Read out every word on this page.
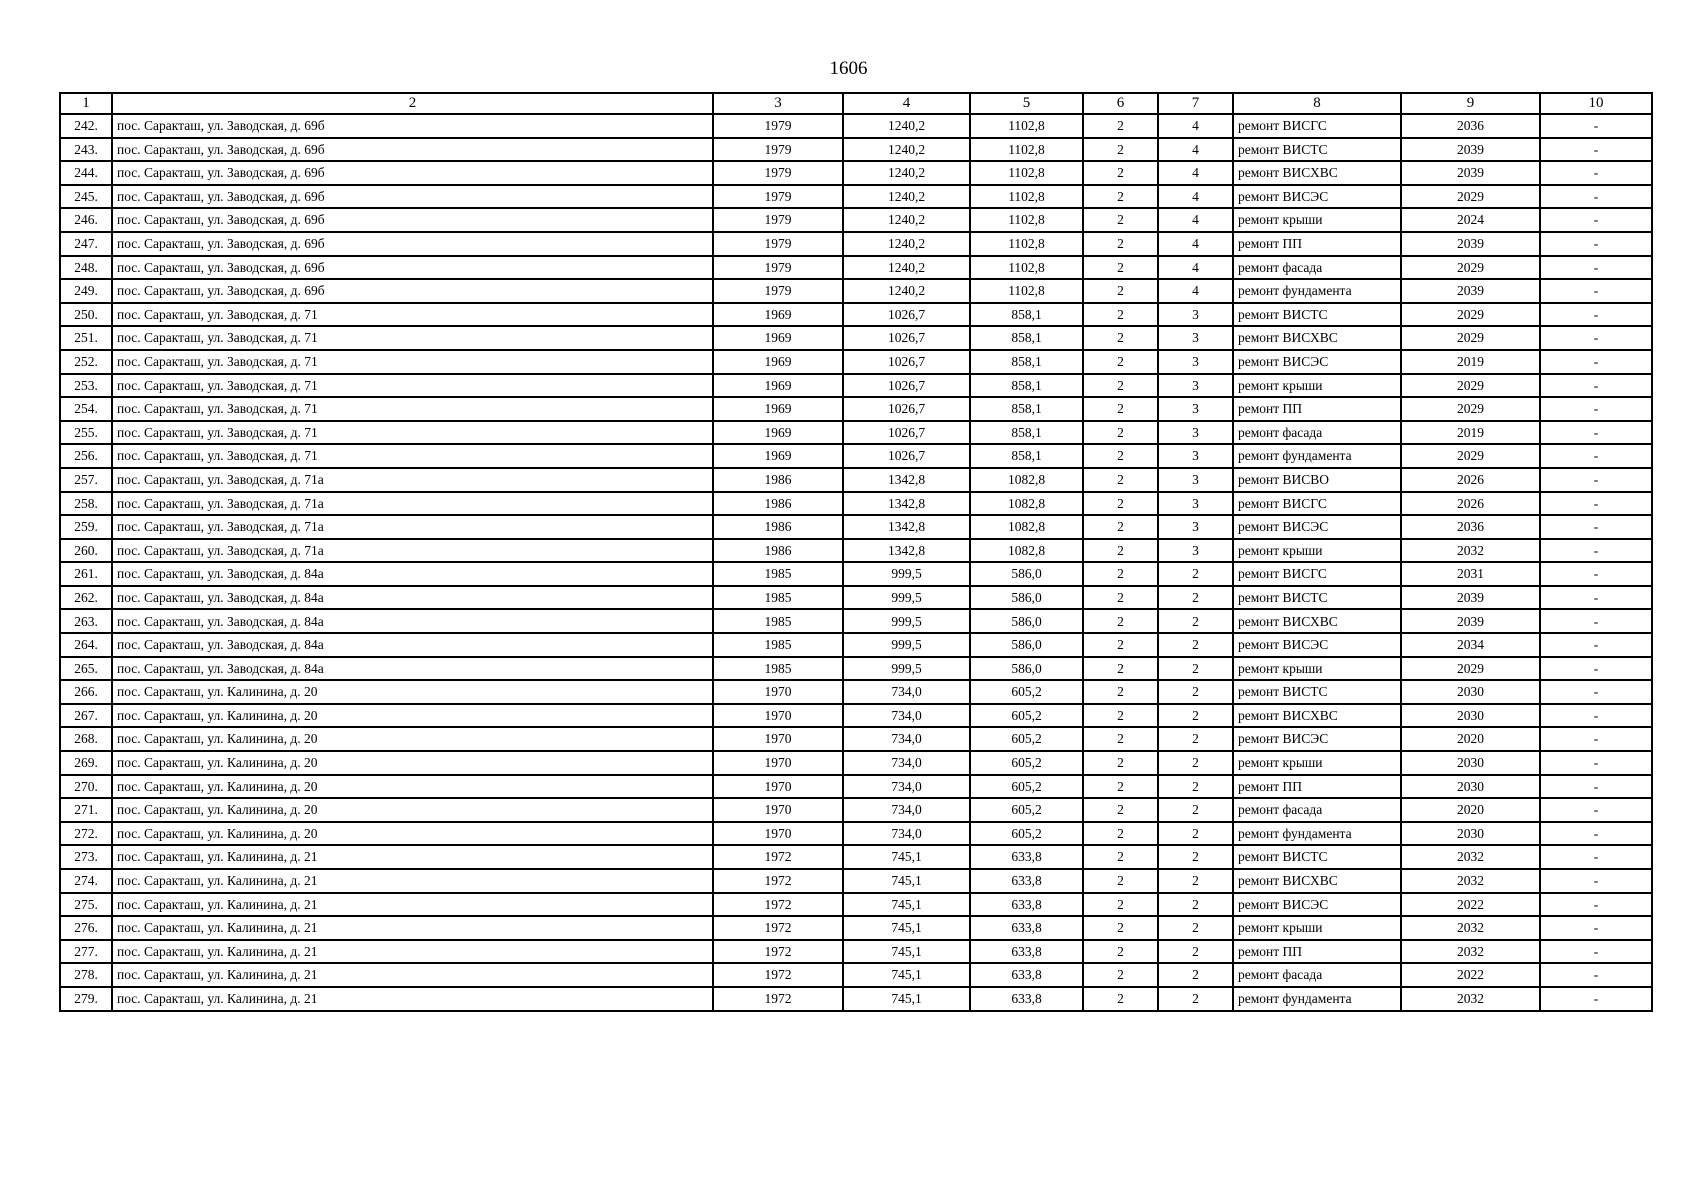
1606
1	2	3	4	5	6	7	8	9	10
242.	пос. Саракташ, ул. Заводская, д. 69б	1979	1240,2	1102,8	2	4	ремонт ВИСГС	2036	-
243.	пос. Саракташ, ул. Заводская, д. 69б	1979	1240,2	1102,8	2	4	ремонт ВИСТС	2039	-
244.	пос. Саракташ, ул. Заводская, д. 69б	1979	1240,2	1102,8	2	4	ремонт ВИСХВС	2039	-
245.	пос. Саракташ, ул. Заводская, д. 69б	1979	1240,2	1102,8	2	4	ремонт ВИСЭС	2029	-
246.	пос. Саракташ, ул. Заводская, д. 69б	1979	1240,2	1102,8	2	4	ремонт крыши	2024	-
247.	пос. Саракташ, ул. Заводская, д. 69б	1979	1240,2	1102,8	2	4	ремонт ПП	2039	-
248.	пос. Саракташ, ул. Заводская, д. 69б	1979	1240,2	1102,8	2	4	ремонт фасада	2029	-
249.	пос. Саракташ, ул. Заводская, д. 69б	1979	1240,2	1102,8	2	4	ремонт фундамента	2039	-
250.	пос. Саракташ, ул. Заводская, д. 71	1969	1026,7	858,1	2	3	ремонт ВИСТС	2029	-
251.	пос. Саракташ, ул. Заводская, д. 71	1969	1026,7	858,1	2	3	ремонт ВИСХВС	2029	-
252.	пос. Саракташ, ул. Заводская, д. 71	1969	1026,7	858,1	2	3	ремонт ВИСЭС	2019	-
253.	пос. Саракташ, ул. Заводская, д. 71	1969	1026,7	858,1	2	3	ремонт крыши	2029	-
254.	пос. Саракташ, ул. Заводская, д. 71	1969	1026,7	858,1	2	3	ремонт ПП	2029	-
255.	пос. Саракташ, ул. Заводская, д. 71	1969	1026,7	858,1	2	3	ремонт фасада	2019	-
256.	пос. Саракташ, ул. Заводская, д. 71	1969	1026,7	858,1	2	3	ремонт фундамента	2029	-
257.	пос. Саракташ, ул. Заводская, д. 71а	1986	1342,8	1082,8	2	3	ремонт ВИСВО	2026	-
258.	пос. Саракташ, ул. Заводская, д. 71а	1986	1342,8	1082,8	2	3	ремонт ВИСГС	2026	-
259.	пос. Саракташ, ул. Заводская, д. 71а	1986	1342,8	1082,8	2	3	ремонт ВИСЭС	2036	-
260.	пос. Саракташ, ул. Заводская, д. 71а	1986	1342,8	1082,8	2	3	ремонт крыши	2032	-
261.	пос. Саракташ, ул. Заводская, д. 84а	1985	999,5	586,0	2	2	ремонт ВИСГС	2031	-
262.	пос. Саракташ, ул. Заводская, д. 84а	1985	999,5	586,0	2	2	ремонт ВИСТС	2039	-
263.	пос. Саракташ, ул. Заводская, д. 84а	1985	999,5	586,0	2	2	ремонт ВИСХВС	2039	-
264.	пос. Саракташ, ул. Заводская, д. 84а	1985	999,5	586,0	2	2	ремонт ВИСЭС	2034	-
265.	пос. Саракташ, ул. Заводская, д. 84а	1985	999,5	586,0	2	2	ремонт крыши	2029	-
266.	пос. Саракташ, ул. Калинина, д. 20	1970	734,0	605,2	2	2	ремонт ВИСТС	2030	-
267.	пос. Саракташ, ул. Калинина, д. 20	1970	734,0	605,2	2	2	ремонт ВИСХВС	2030	-
268.	пос. Саракташ, ул. Калинина, д. 20	1970	734,0	605,2	2	2	ремонт ВИСЭС	2020	-
269.	пос. Саракташ, ул. Калинина, д. 20	1970	734,0	605,2	2	2	ремонт крыши	2030	-
270.	пос. Саракташ, ул. Калинина, д. 20	1970	734,0	605,2	2	2	ремонт ПП	2030	-
271.	пос. Саракташ, ул. Калинина, д. 20	1970	734,0	605,2	2	2	ремонт фасада	2020	-
272.	пос. Саракташ, ул. Калинина, д. 20	1970	734,0	605,2	2	2	ремонт фундамента	2030	-
273.	пос. Саракташ, ул. Калинина, д. 21	1972	745,1	633,8	2	2	ремонт ВИСТС	2032	-
274.	пос. Саракташ, ул. Калинина, д. 21	1972	745,1	633,8	2	2	ремонт ВИСХВС	2032	-
275.	пос. Саракташ, ул. Калинина, д. 21	1972	745,1	633,8	2	2	ремонт ВИСЭС	2022	-
276.	пос. Саракташ, ул. Калинина, д. 21	1972	745,1	633,8	2	2	ремонт крыши	2032	-
277.	пос. Саракташ, ул. Калинина, д. 21	1972	745,1	633,8	2	2	ремонт ПП	2032	-
278.	пос. Саракташ, ул. Калинина, д. 21	1972	745,1	633,8	2	2	ремонт фасада	2022	-
279.	пос. Саракташ, ул. Калинина, д. 21	1972	745,1	633,8	2	2	ремонт фундамента	2032	-
